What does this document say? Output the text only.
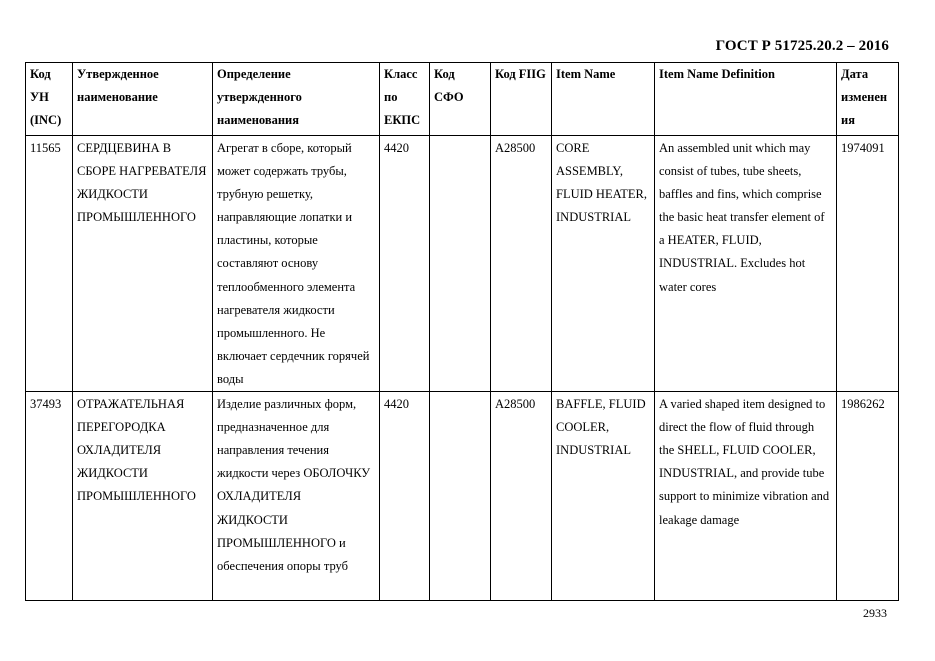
ГОСТ Р 51725.20.2 – 2016
Код УН (INC)	Утвержденное наименование	Определение утвержденного наименования	Класс по ЕКПС	Код СФО	Код FIIG	Item Name	Item Name Definition	Дата изменен ия
11565	СЕРДЦЕВИНА В СБОРЕ НАГРЕВАТЕЛЯ ЖИДКОСТИ ПРОМЫШЛЕННОГО	Агрегат в сборе, который может содержать трубы, трубную решетку, направляющие лопатки и пластины, которые составляют основу теплообменного элемента нагревателя жидкости промышленного. Не включает сердечник горячей воды	4420		A28500	CORE ASSEMBLY, FLUID HEATER, INDUSTRIAL	An assembled unit which may consist of tubes, tube sheets, baffles and fins, which comprise the basic heat transfer element of a HEATER, FLUID, INDUSTRIAL. Excludes hot water cores	1974091
37493	ОТРАЖАТЕЛЬНАЯ ПЕРЕГОРОДКА ОХЛАДИТЕЛЯ ЖИДКОСТИ ПРОМЫШЛЕННОГО	Изделие различных форм, предназначенное для направления течения жидкости через ОБОЛОЧКУ ОХЛАДИТЕЛЯ ЖИДКОСТИ ПРОМЫШЛЕННОГО и обеспечения опоры труб	4420		A28500	BAFFLE, FLUID COOLER, INDUSTRIAL	A varied shaped item designed to direct the flow of fluid through the SHELL, FLUID COOLER, INDUSTRIAL, and provide tube support to minimize vibration and leakage damage	1986262
2933
